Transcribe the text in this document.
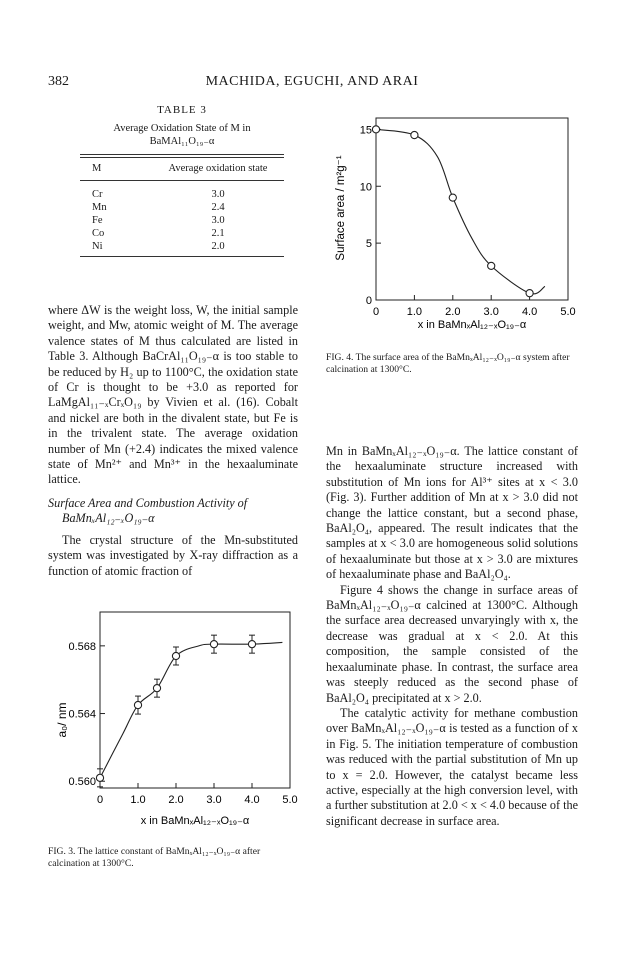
382	MACHIDA, EGUCHI, AND ARAI
TABLE 3
Average Oxidation State of M in
BaMAl₁₁O₁₉₋α
M	Average oxidation state
Cr	3.0
Mn	2.4
Fe	3.0
Co	2.1
Ni	2.0

where ΔW is the weight loss, W, the initial sample weight, and Mw, atomic weight of M. The average valence states of M thus calculated are listed in Table 3. Although BaCrAl₁₁O₁₉₋α is too stable to be reduced by H₂ up to 1100°C, the oxidation state of Cr is thought to be +3.0 as reported for LaMgAl₁₁₋ₓCrₓO₁₉ by Vivien et al. (16). Cobalt and nickel are both in the divalent state, but Fe is in the trivalent state. The average oxidation number of Mn (+2.4) indicates the mixed valence state of Mn²⁺ and Mn³⁺ in the hexaaluminate lattice.

Surface Area and Combustion Activity of
BaMnₓAl₁₂₋ₓO₁₉₋α

The crystal structure of the Mn-substituted system was investigated by X-ray diffraction as a function of atomic fraction of

Mn in BaMnₓAl₁₂₋ₓO₁₉₋α. The lattice constant of the hexaaluminate structure increased with substitution of Mn ions for Al³⁺ sites at x < 3.0 (Fig. 3). Further addition of Mn at x > 3.0 did not change the lattice constant, but a second phase, BaAl₂O₄, appeared. The result indicates that the samples at x < 3.0 are homogeneous solid solutions of hexaaluminate but those at x > 3.0 are mixtures of hexaaluminate phase and BaAl₂O₄.

Figure 4 shows the change in surface areas of BaMnₓAl₁₂₋ₓO₁₉₋α calcined at 1300°C. Although the surface area decreased unvaryingly with x, the decrease was gradual at x < 2.0. At this composition, the sample consisted of the hexaaluminate phase. In contrast, the surface area was steeply reduced as the second phase of BaAl₂O₄ precipitated at x > 2.0.

The catalytic activity for methane combustion over BaMnₓAl₁₂₋ₓO₁₉₋α is tested as a function of x in Fig. 5. The initiation temperature of combustion was reduced with the partial substitution of Mn up to x = 2.0. However, the catalyst became less active, especially at the high conversion level, with a further substitution at 2.0 < x < 4.0 because of the significant decrease in surface area.

0.560
0.564
0.568
0 1.0 2.0 3.0 4.0 5.0
a₀/ nm
x in BaMnₓAl₁₂₋ₓO₁₉₋α
FIG. 3. The lattice constant of BaMnₓAl₁₂₋ₓO₁₉₋α after calcination at 1300°C.
0
5
10
15
0	1.0 2.0 3.0 4.0 5.0
Surface area / m²g⁻¹
x in BaMnₓAl₁₂₋ₓO₁₉₋α
FIG. 4. The surface area of the BaMnₓAl₁₂₋ₓO₁₉₋α system after calcination at 1300°C.
